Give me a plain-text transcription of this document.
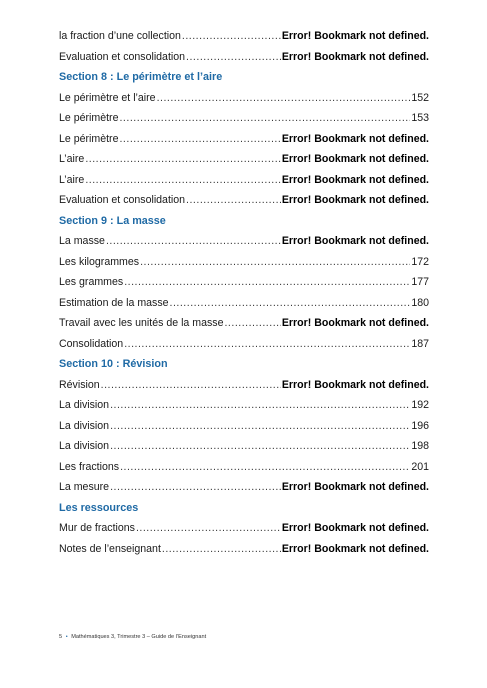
la fraction d’une collection .....	Error! Bookmark not defined.
Evaluation et consolidation .....	Error! Bookmark not defined.
Section 8 : Le périmètre et l’aire
Le périmètre et l’aire .....	152
Le périmètre .....	153
Le périmètre .....	Error! Bookmark not defined.
L’aire .....	Error! Bookmark not defined.
L’aire .....	Error! Bookmark not defined.
Evaluation et consolidation .....	Error! Bookmark not defined.
Section 9 : La masse
La masse .....	Error! Bookmark not defined.
Les kilogrammes .....	172
Les grammes .....	177
Estimation de la masse .....	180
Travail avec les unités de la masse .....	Error! Bookmark not defined.
Consolidation .....	187
Section 10 : Révision
Révision .....	Error! Bookmark not defined.
La division .....	192
La division .....	196
La division .....	198
Les fractions .....	201
La mesure .....	Error! Bookmark not defined.
Les ressources
Mur de fractions .....	Error! Bookmark not defined.
Notes de l’enseignant .....	Error! Bookmark not defined.
5 • Mathématiques 3, Trimestre 3 – Guide de l’Enseignant
